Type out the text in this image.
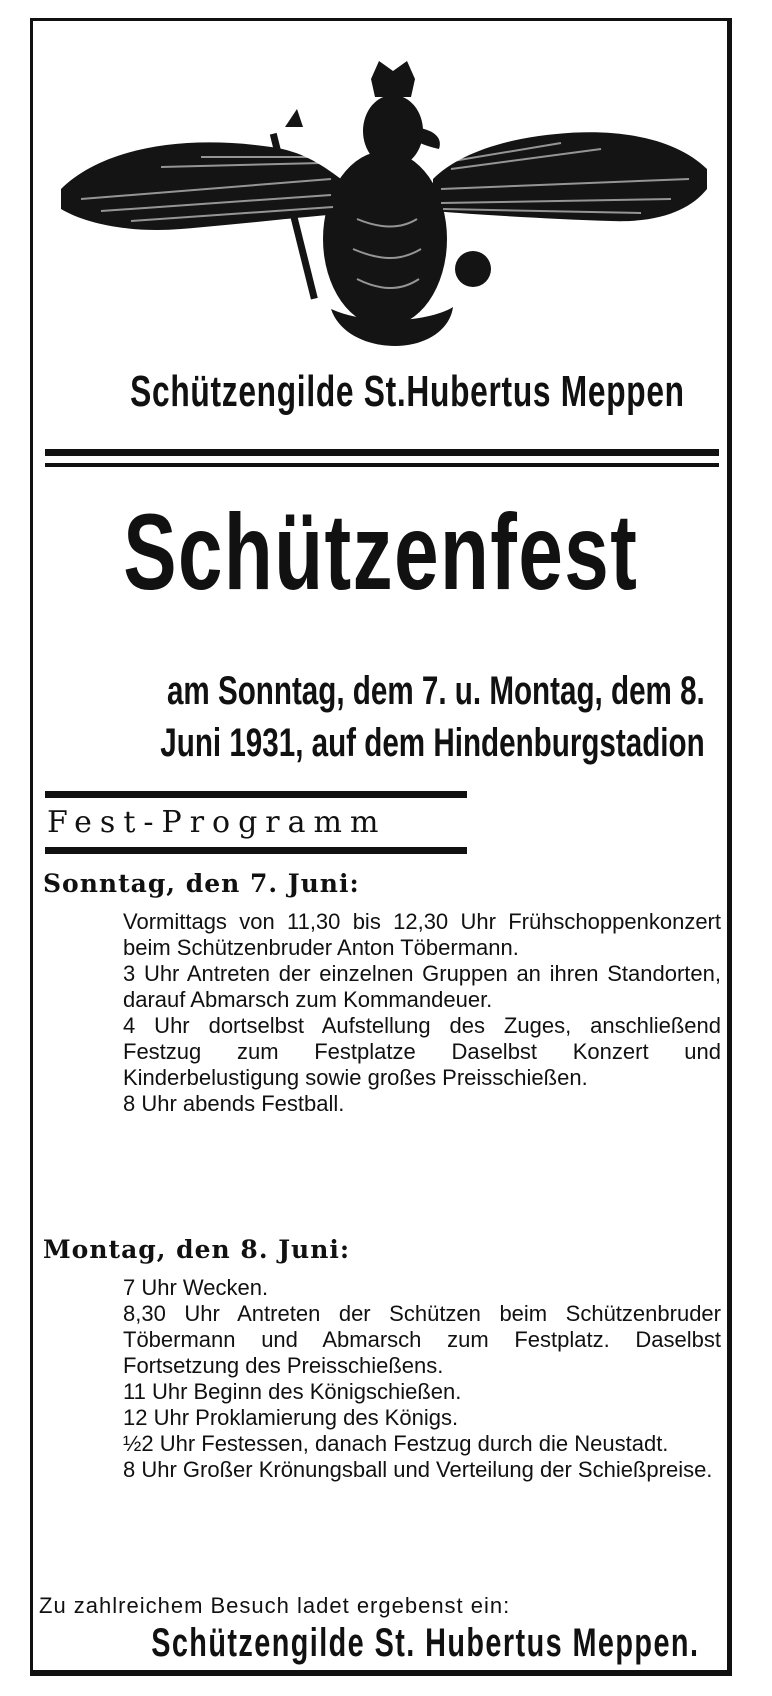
Schützengilde St.Hubertus Meppen
Schützenfest
am Sonntag, dem 7. u. Montag, dem 8.
Juni 1931, auf dem Hindenburgstadion
Fest-Programm
Sonntag, den 7. Juni:
Vormittags von 11,30 bis 12,30 Uhr Frühschoppenkonzert beim Schützenbruder Anton Töbermann.
3 Uhr Antreten der einzelnen Gruppen an ihren Standorten, darauf Abmarsch zum Kommandeuer.
4 Uhr dortselbst Aufstellung des Zuges, anschließend Festzug zum Festplatze Daselbst Konzert und Kinderbelustigung sowie großes Preisschießen.
8 Uhr abends Festball.
Montag, den 8. Juni:
7 Uhr Wecken.
8,30 Uhr Antreten der Schützen beim Schützenbruder Töbermann und Abmarsch zum Festplatz. Daselbst Fortsetzung des Preisschießens.
11 Uhr Beginn des Königschießen.
12 Uhr Proklamierung des Königs.
½2 Uhr Festessen, danach Festzug durch die Neustadt.
8 Uhr Großer Krönungsball und Verteilung der Schießpreise.
Zu zahlreichem Besuch ladet ergebenst ein:
Schützengilde St. Hubertus Meppen.
